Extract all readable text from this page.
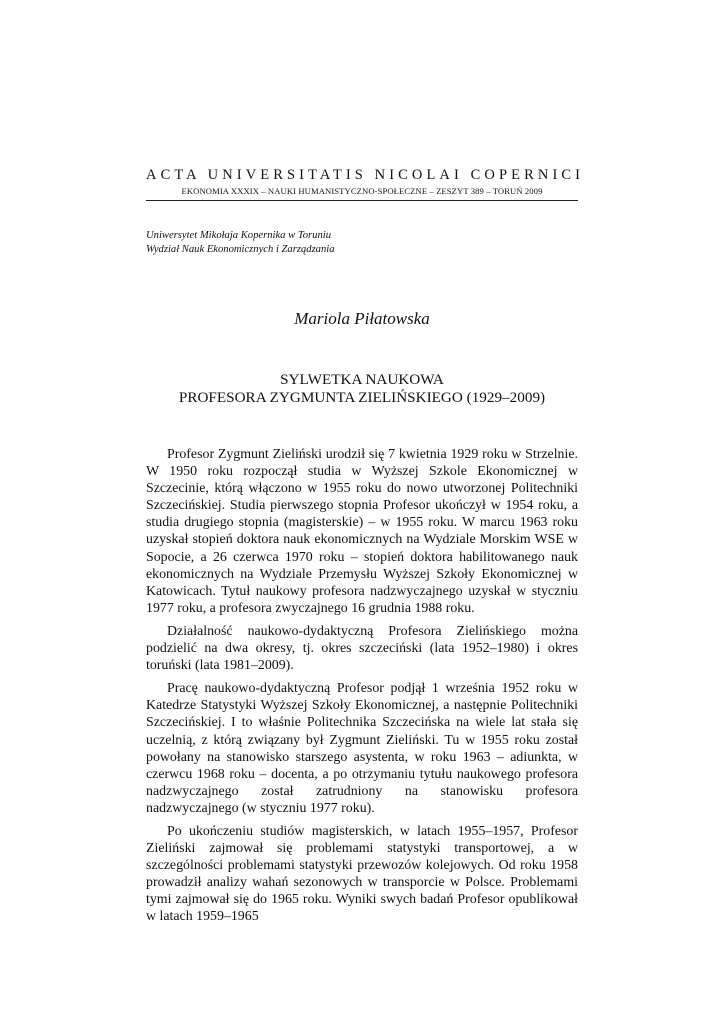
ACTA UNIVERSITATIS NICOLAI COPERNICI
EKONOMIA XXXIX – NAUKI HUMANISTYCZNO-SPOŁECZNE – ZESZYT 389 – TORUŃ 2009
Uniwersytet Mikołaja Kopernika w Toruniu
Wydział Nauk Ekonomicznych i Zarządzania
Mariola Piłatowska
SYLWETKA NAUKOWA
PROFESORA ZYGMUNTA ZIELIŃSKIEGO (1929–2009)

Profesor Zygmunt Zieliński urodził się 7 kwietnia 1929 roku w Strzelnie. W 1950 roku rozpoczął studia w Wyższej Szkole Ekonomicznej w Szczecinie, którą włączono w 1955 roku do nowo utworzonej Politechniki Szczecińskiej. Studia pierwszego stopnia Profesor ukończył w 1954 roku, a studia drugiego stopnia (magisterskie) – w 1955 roku. W marcu 1963 roku uzyskał stopień doktora nauk ekonomicznych na Wydziale Morskim WSE w Sopocie, a 26 czerwca 1970 roku – stopień doktora habilitowanego nauk ekonomicznych na Wydziale Przemysłu Wyższej Szkoły Ekonomicznej w Katowicach. Tytuł naukowy profesora nadzwyczajnego uzyskał w styczniu 1977 roku, a profesora zwyczajnego 16 grudnia 1988 roku.

Działalność naukowo-dydaktyczną Profesora Zielińskiego można podzielić na dwa okresy, tj. okres szczeciński (lata 1952–1980) i okres toruński (lata 1981–2009).

Pracę naukowo-dydaktyczną Profesor podjął 1 września 1952 roku w Katedrze Statystyki Wyższej Szkoły Ekonomicznej, a następnie Politechniki Szczecińskiej. I to właśnie Politechnika Szczecińska na wiele lat stała się uczelnią, z którą związany był Zygmunt Zieliński. Tu w 1955 roku został powołany na stanowisko starszego asystenta, w roku 1963 – adiunkta, w czerwcu 1968 roku – docenta, a po otrzymaniu tytułu naukowego profesora nadzwyczajnego został zatrudniony na stanowisku profesora nadzwyczajnego (w styczniu 1977 roku).

Po ukończeniu studiów magisterskich, w latach 1955–1957, Profesor Zieliński zajmował się problemami statystyki transportowej, a w szczególności problemami statystyki przewozów kolejowych. Od roku 1958 prowadził analizy wahań sezonowych w transporcie w Polsce. Problemami tymi zajmował się do 1965 roku. Wyniki swych badań Profesor opublikował w latach 1959–1965
